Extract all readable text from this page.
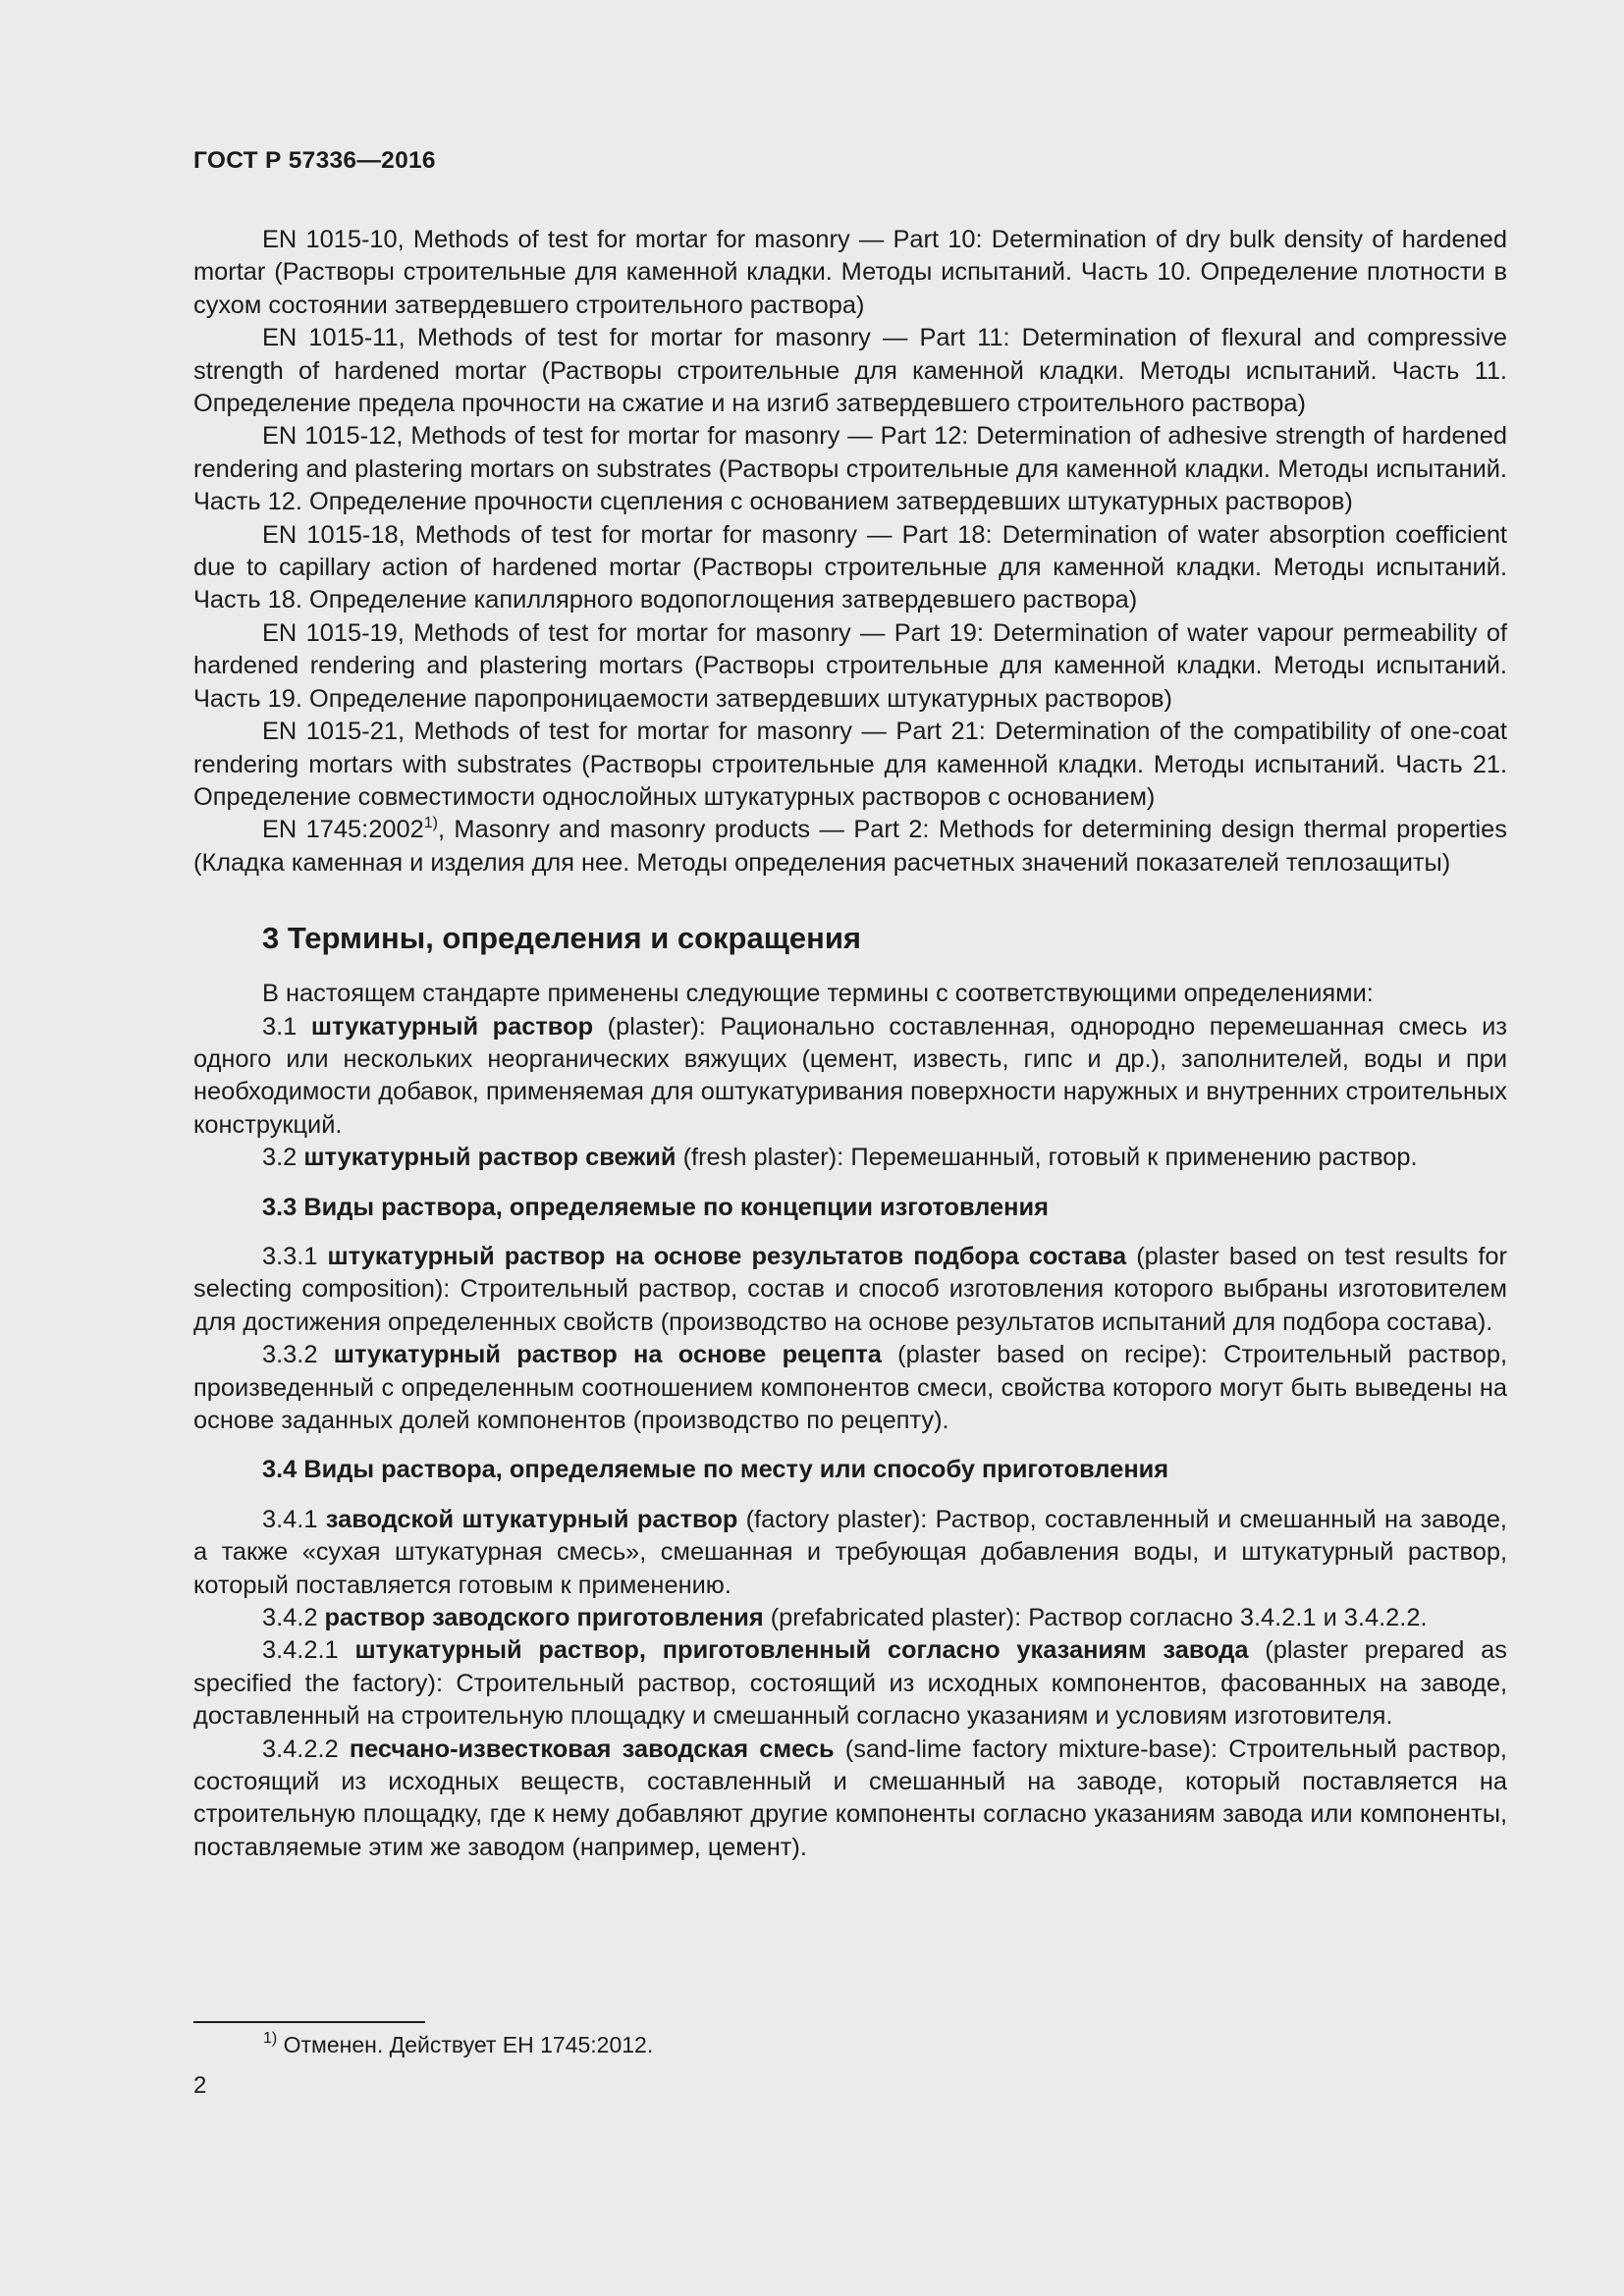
ГОСТ Р 57336—2016

EN 1015-10, Methods of test for mortar for masonry — Part 10: Determination of dry bulk density of hardened mortar (Растворы строительные для каменной кладки. Методы испытаний. Часть 10. Определение плотности в сухом состоянии затвердевшего строительного раствора)

EN 1015-11, Methods of test for mortar for masonry — Part 11: Determination of flexural and compressive strength of hardened mortar (Растворы строительные для каменной кладки. Методы испытаний. Часть 11. Определение предела прочности на сжатие и на изгиб затвердевшего строительного раствора)

EN 1015-12, Methods of test for mortar for masonry — Part 12: Determination of adhesive strength of hardened rendering and plastering mortars on substrates (Растворы строительные для каменной кладки. Методы испытаний. Часть 12. Определение прочности сцепления с основанием затвердевших штукатурных растворов)

EN 1015-18, Methods of test for mortar for masonry — Part 18: Determination of water absorption coefficient due to capillary action of hardened mortar (Растворы строительные для каменной кладки. Методы испытаний. Часть 18. Определение капиллярного водопоглощения затвердевшего раствора)

EN 1015-19, Methods of test for mortar for masonry — Part 19: Determination of water vapour permeability of hardened rendering and plastering mortars (Растворы строительные для каменной кладки. Методы испытаний. Часть 19. Определение паропроницаемости затвердевших штукатурных растворов)

EN 1015-21, Methods of test for mortar for masonry — Part 21: Determination of the compatibility of one-coat rendering mortars with substrates (Растворы строительные для каменной кладки. Методы испытаний. Часть 21. Определение совместимости однослойных штукатурных растворов с основанием)

EN 1745:2002$^{1)}$, Masonry and masonry products — Part 2: Methods for determining design thermal properties (Кладка каменная и изделия для нее. Методы определения расчетных значений показателей теплозащиты)

3 Термины, определения и сокращения

В настоящем стандарте применены следующие термины с соответствующими определениями:

3.1 штукатурный раствор (plaster): Рационально составленная, однородно перемешанная смесь из одного или нескольких неорганических вяжущих (цемент, известь, гипс и др.), заполнителей, воды и при необходимости добавок, применяемая для оштукатуривания поверхности наружных и внутренних строительных конструкций.

3.2 штукатурный раствор свежий (fresh plaster): Перемешанный, готовый к применению раствор.

3.3 Виды раствора, определяемые по концепции изготовления

3.3.1 штукатурный раствор на основе результатов подбора состава (plaster based on test results for selecting composition): Строительный раствор, состав и способ изготовления которого выбраны изготовителем для достижения определенных свойств (производство на основе результатов испытаний для подбора состава).

3.3.2 штукатурный раствор на основе рецепта (plaster based on recipe): Строительный раствор, произведенный с определенным соотношением компонентов смеси, свойства которого могут быть выведены на основе заданных долей компонентов (производство по рецепту).

3.4 Виды раствора, определяемые по месту или способу приготовления

3.4.1 заводской штукатурный раствор (factory plaster): Раствор, составленный и смешанный на заводе, а также «сухая штукатурная смесь», смешанная и требующая добавления воды, и штукатурный раствор, который поставляется готовым к применению.

3.4.2 раствор заводского приготовления (prefabricated plaster): Раствор согласно 3.4.2.1 и 3.4.2.2.

3.4.2.1 штукатурный раствор, приготовленный согласно указаниям завода (plaster prepared as specified the factory): Строительный раствор, состоящий из исходных компонентов, фасованных на заводе, доставленный на строительную площадку и смешанный согласно указаниям и условиям изготовителя.

3.4.2.2 песчано-известковая заводская смесь (sand-lime factory mixture-base): Строительный раствор, состоящий из исходных веществ, составленный и смешанный на заводе, который поставляется на строительную площадку, где к нему добавляют другие компоненты согласно указаниям завода или компоненты, поставляемые этим же заводом (например, цемент).

$^{1)}$ Отменен. Действует ЕН 1745:2012.
2
